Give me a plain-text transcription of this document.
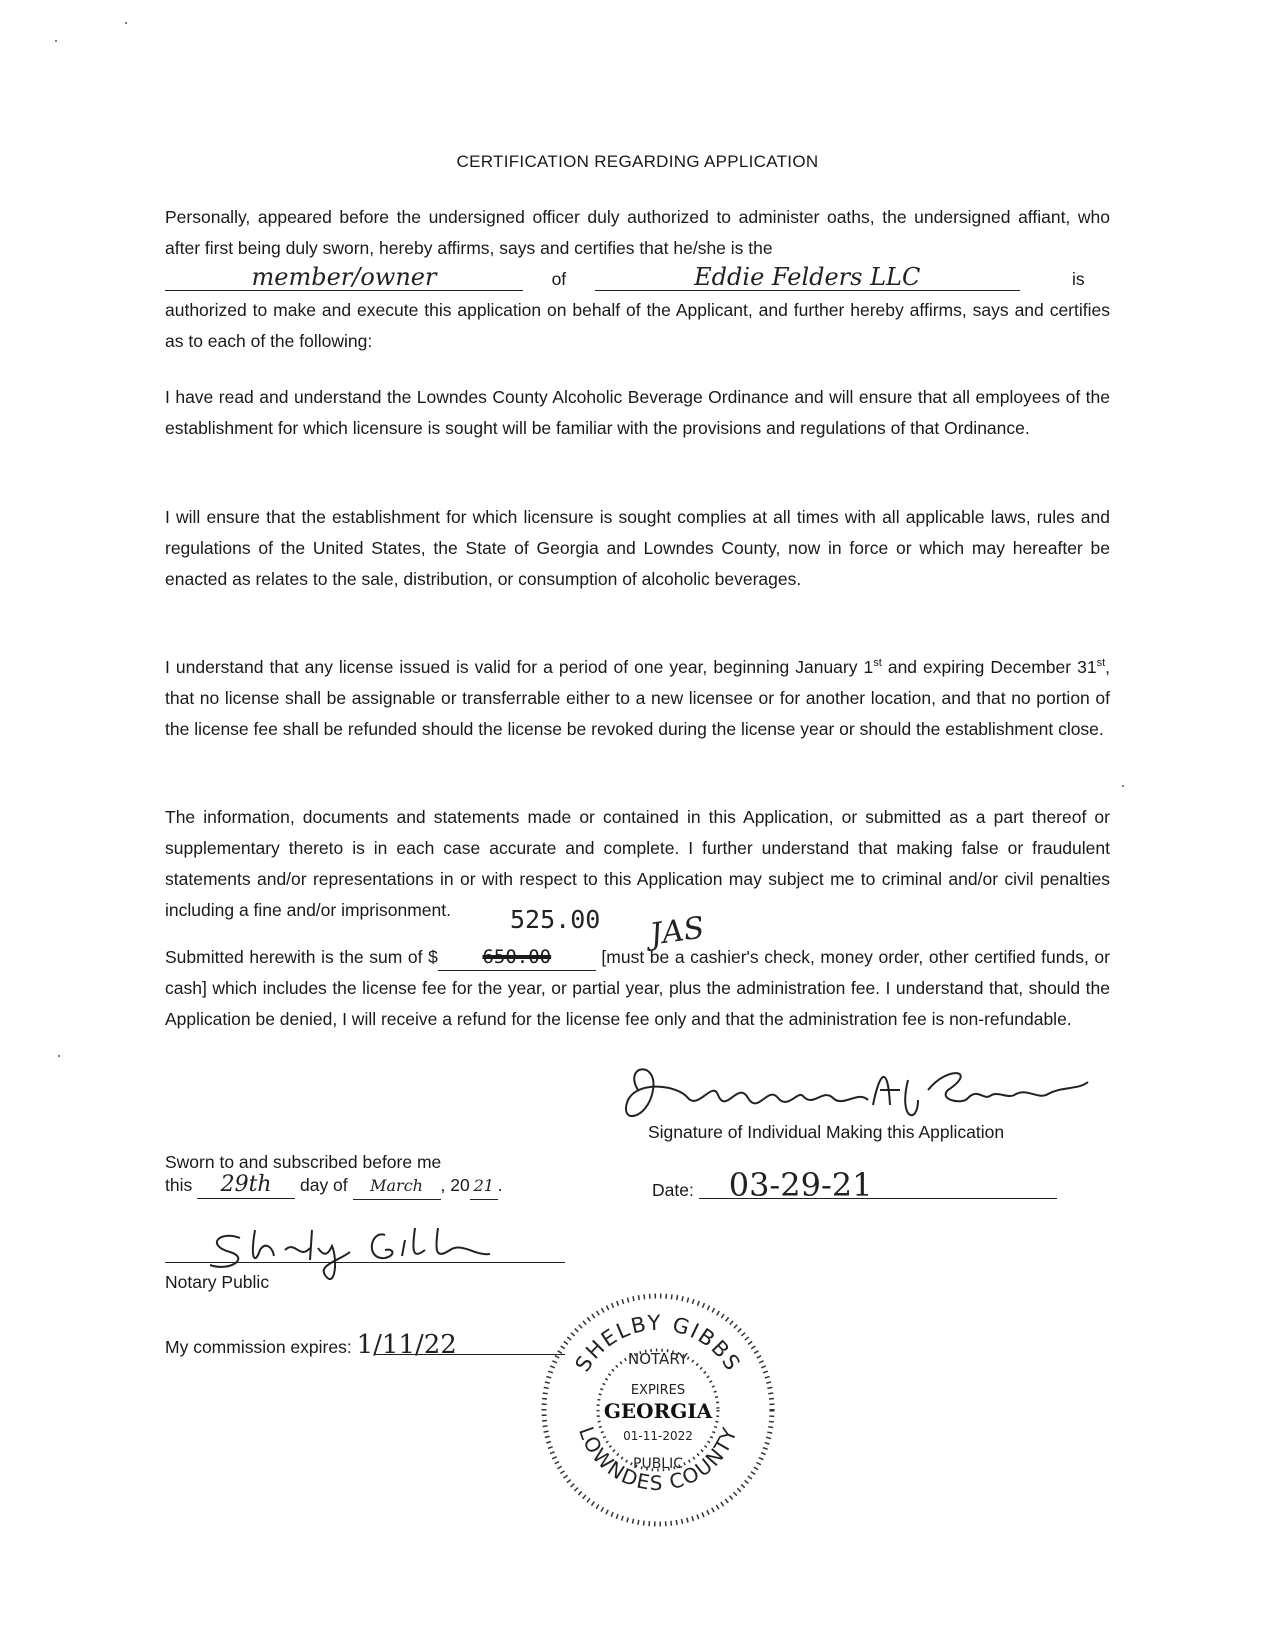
CERTIFICATION REGARDING APPLICATION

Personally, appeared before the undersigned officer duly authorized to administer oaths, the undersigned affiant, who after first being duly sworn, hereby affirms, says and certifies that he/she is the
member/owner	of	Eddie Felders LLC	is
authorized to make and execute this application on behalf of the Applicant, and further hereby affirms, says and certifies as to each of the following:

I have read and understand the Lowndes County Alcoholic Beverage Ordinance and will ensure that all employees of the establishment for which licensure is sought will be familiar with the provisions and regulations of that Ordinance.

I will ensure that the establishment for which licensure is sought complies at all times with all applicable laws, rules and regulations of the United States, the State of Georgia and Lowndes County, now in force or which may hereafter be enacted as relates to the sale, distribution, or consumption of alcoholic beverages.

I understand that any license issued is valid for a period of one year, beginning January 1st and expiring December 31st, that no license shall be assignable or transferrable either to a new licensee or for another location, and that no portion of the license fee shall be refunded should the license be revoked during the license year or should the establishment close.

The information, documents and statements made or contained in this Application, or submitted as a part thereof or supplementary thereto is in each case accurate and complete. I further understand that making false or fraudulent statements and/or representations in or with respect to this Application may subject me to criminal and/or civil penalties including a fine and/or imprisonment.	525.00 JAS

Submitted herewith is the sum of $ 650.00	[must be a cashier's check, money order, other certified funds, or cash] which includes the license fee for the year, or partial year, plus the administration fee. I understand that, should the Application be denied, I will receive a refund for the license fee only and that the administration fee is non-refundable.

Signature of Individual Making this Application
Sworn to and subscribed before me
this 29th day of March , 20 21 .	Date: 03-29-21
Notary Public
My commission expires: 1/11/22
SHELBY GIBBS
LOWNDES COUNTY
NOTARY
EXPIRES
GEORGIA
01-11-2022
PUBLIC
